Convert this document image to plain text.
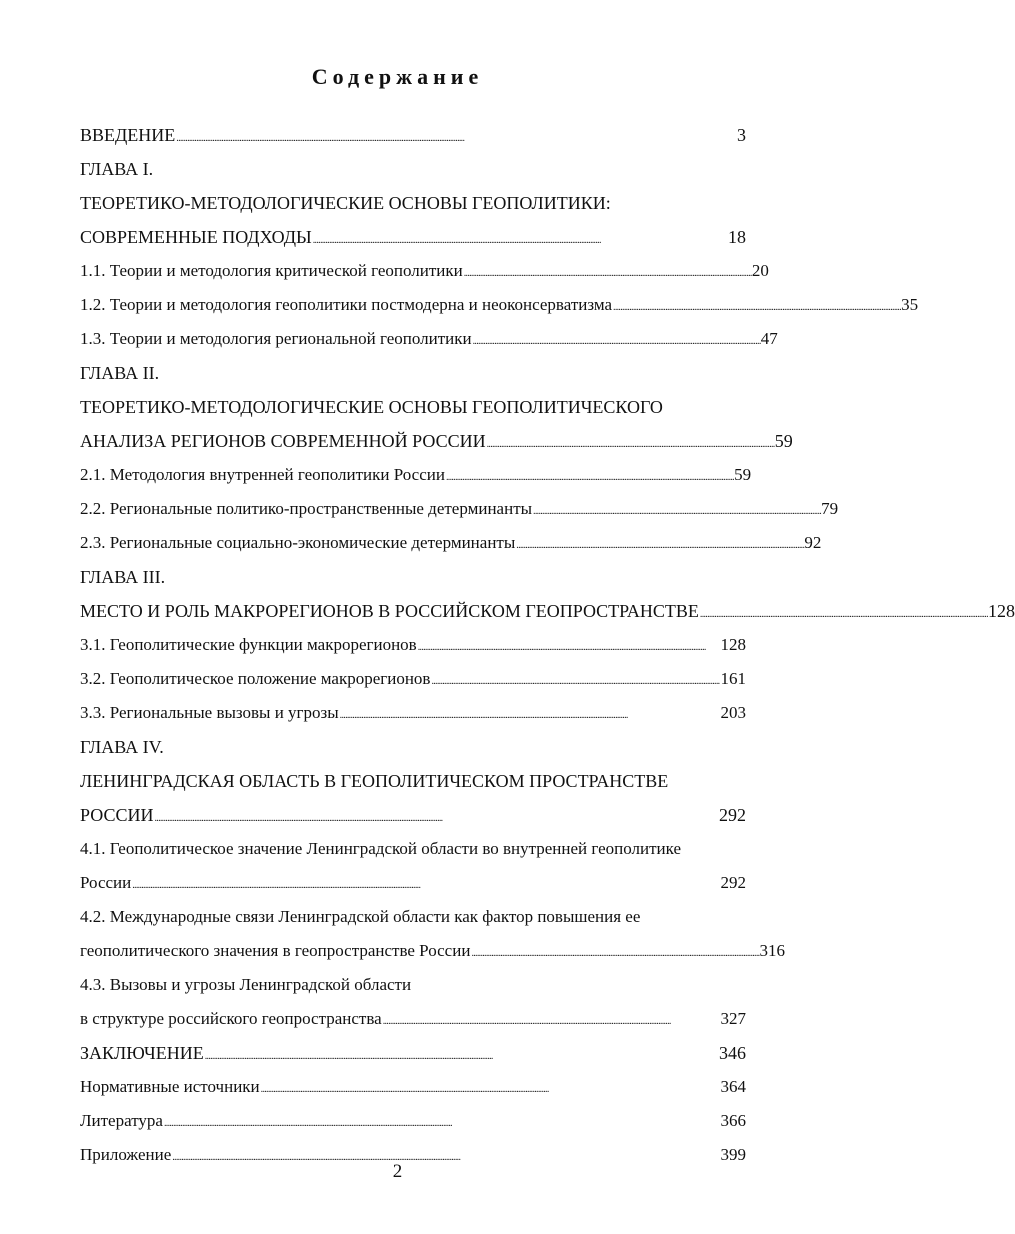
Содержание
ВВЕДЕНИЕ . . .	3
ГЛАВА I.
ТЕОРЕТИКО-МЕТОДОЛОГИЧЕСКИЕ ОСНОВЫ ГЕОПОЛИТИКИ:
СОВРЕМЕННЫЕ ПОДХОДЫ . . .	18
1.1. Теории и методология критической геополитики . . .	20
1.2. Теории и методология геополитики постмодерна и неоконсерватизма . . .	35
1.3. Теории и методология региональной геополитики . . .	47
ГЛАВА II.
ТЕОРЕТИКО-МЕТОДОЛОГИЧЕСКИЕ ОСНОВЫ ГЕОПОЛИТИЧЕСКОГО
АНАЛИЗА РЕГИОНОВ СОВРЕМЕННОЙ РОССИИ . . .	59
2.1. Методология внутренней геополитики России . . .	59
2.2. Региональные политико-пространственные детерминанты . . .	79
2.3. Региональные социально-экономические детерминанты . . .	92
ГЛАВА III.
МЕСТО И РОЛЬ МАКРОРЕГИОНОВ В РОССИЙСКОМ ГЕОПРОСТРАНСТВЕ . . .	128
3.1. Геополитические функции макрорегионов . . .	128
3.2. Геополитическое положение макрорегионов . . .	161
3.3. Региональные вызовы и угрозы . . .	203
ГЛАВА IV.
ЛЕНИНГРАДСКАЯ ОБЛАСТЬ В ГЕОПОЛИТИЧЕСКОМ ПРОСТРАНСТВЕ
РОССИИ . . .	292
4.1. Геополитическое значение Ленинградской области во внутренней геополитике
России . . .	292
4.2. Международные связи Ленинградской области как фактор повышения ее
геополитического значения в геопространстве России . . .	316
4.3. Вызовы и угрозы Ленинградской области
в структуре российского геопространства . . .	327
ЗАКЛЮЧЕНИЕ . . .	346
Нормативные источники . . .	364
Литература . . .	366
Приложение . . .	399

2
